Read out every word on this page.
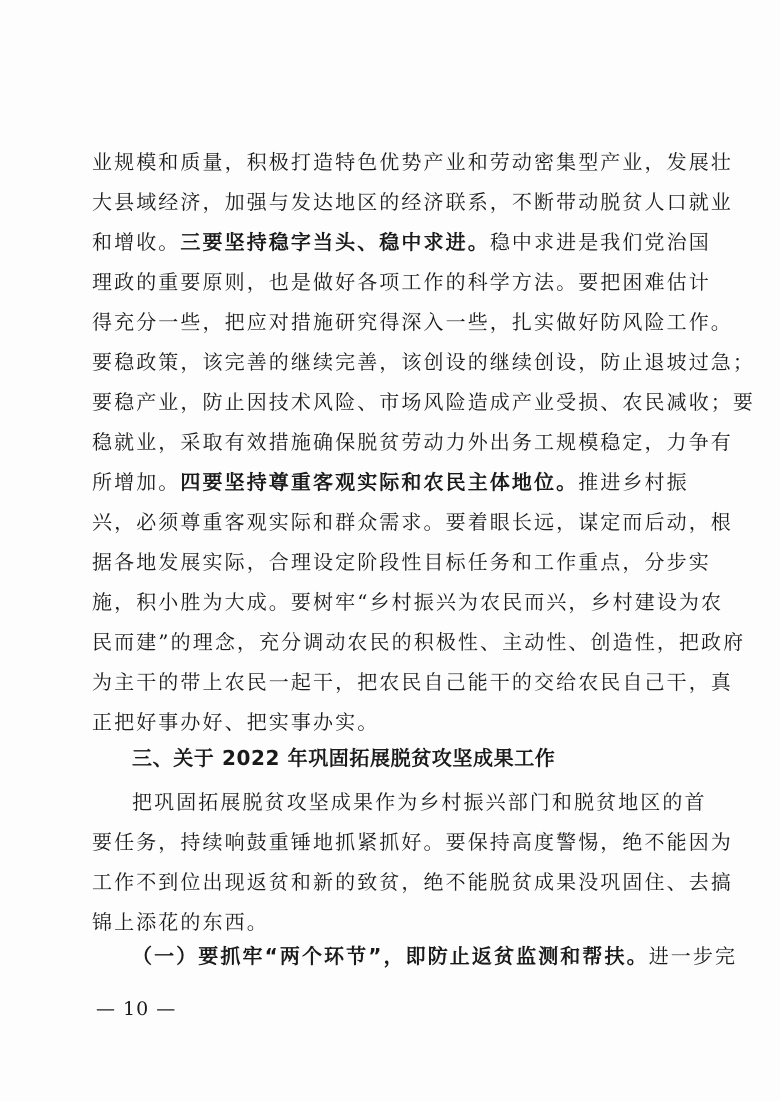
业规模和质量，积极打造特色优势产业和劳动密集型产业，发展壮
大县域经济，加强与发达地区的经济联系，不断带动脱贫人口就业
和增收。三要坚持稳字当头、稳中求进。稳中求进是我们党治国
理政的重要原则，也是做好各项工作的科学方法。要把困难估计
得充分一些，把应对措施研究得深入一些，扎实做好防风险工作。
要稳政策，该完善的继续完善，该创设的继续创设，防止退坡过急；
要稳产业，防止因技术风险、市场风险造成产业受损、农民减收；要
稳就业，采取有效措施确保脱贫劳动力外出务工规模稳定，力争有
所增加。四要坚持尊重客观实际和农民主体地位。推进乡村振
兴，必须尊重客观实际和群众需求。要着眼长远，谋定而后动，根
据各地发展实际，合理设定阶段性目标任务和工作重点，分步实
施，积小胜为大成。要树牢“乡村振兴为农民而兴，乡村建设为农
民而建”的理念，充分调动农民的积极性、主动性、创造性，把政府
为主干的带上农民一起干，把农民自己能干的交给农民自己干，真
正把好事办好、把实事办实。
把巩固拓展脱贫攻坚成果作为乡村振兴部门和脱贫地区的首
要任务，持续响鼓重锤地抓紧抓好。要保持高度警惕，绝不能因为
工作不到位出现返贫和新的致贫，绝不能脱贫成果没巩固住、去搞
锦上添花的东西。
（一）要抓牢“两个环节”，即防止返贫监测和帮扶。进一步完
三、关于 2022 年巩固拓展脱贫攻坚成果工作
— 10 —
